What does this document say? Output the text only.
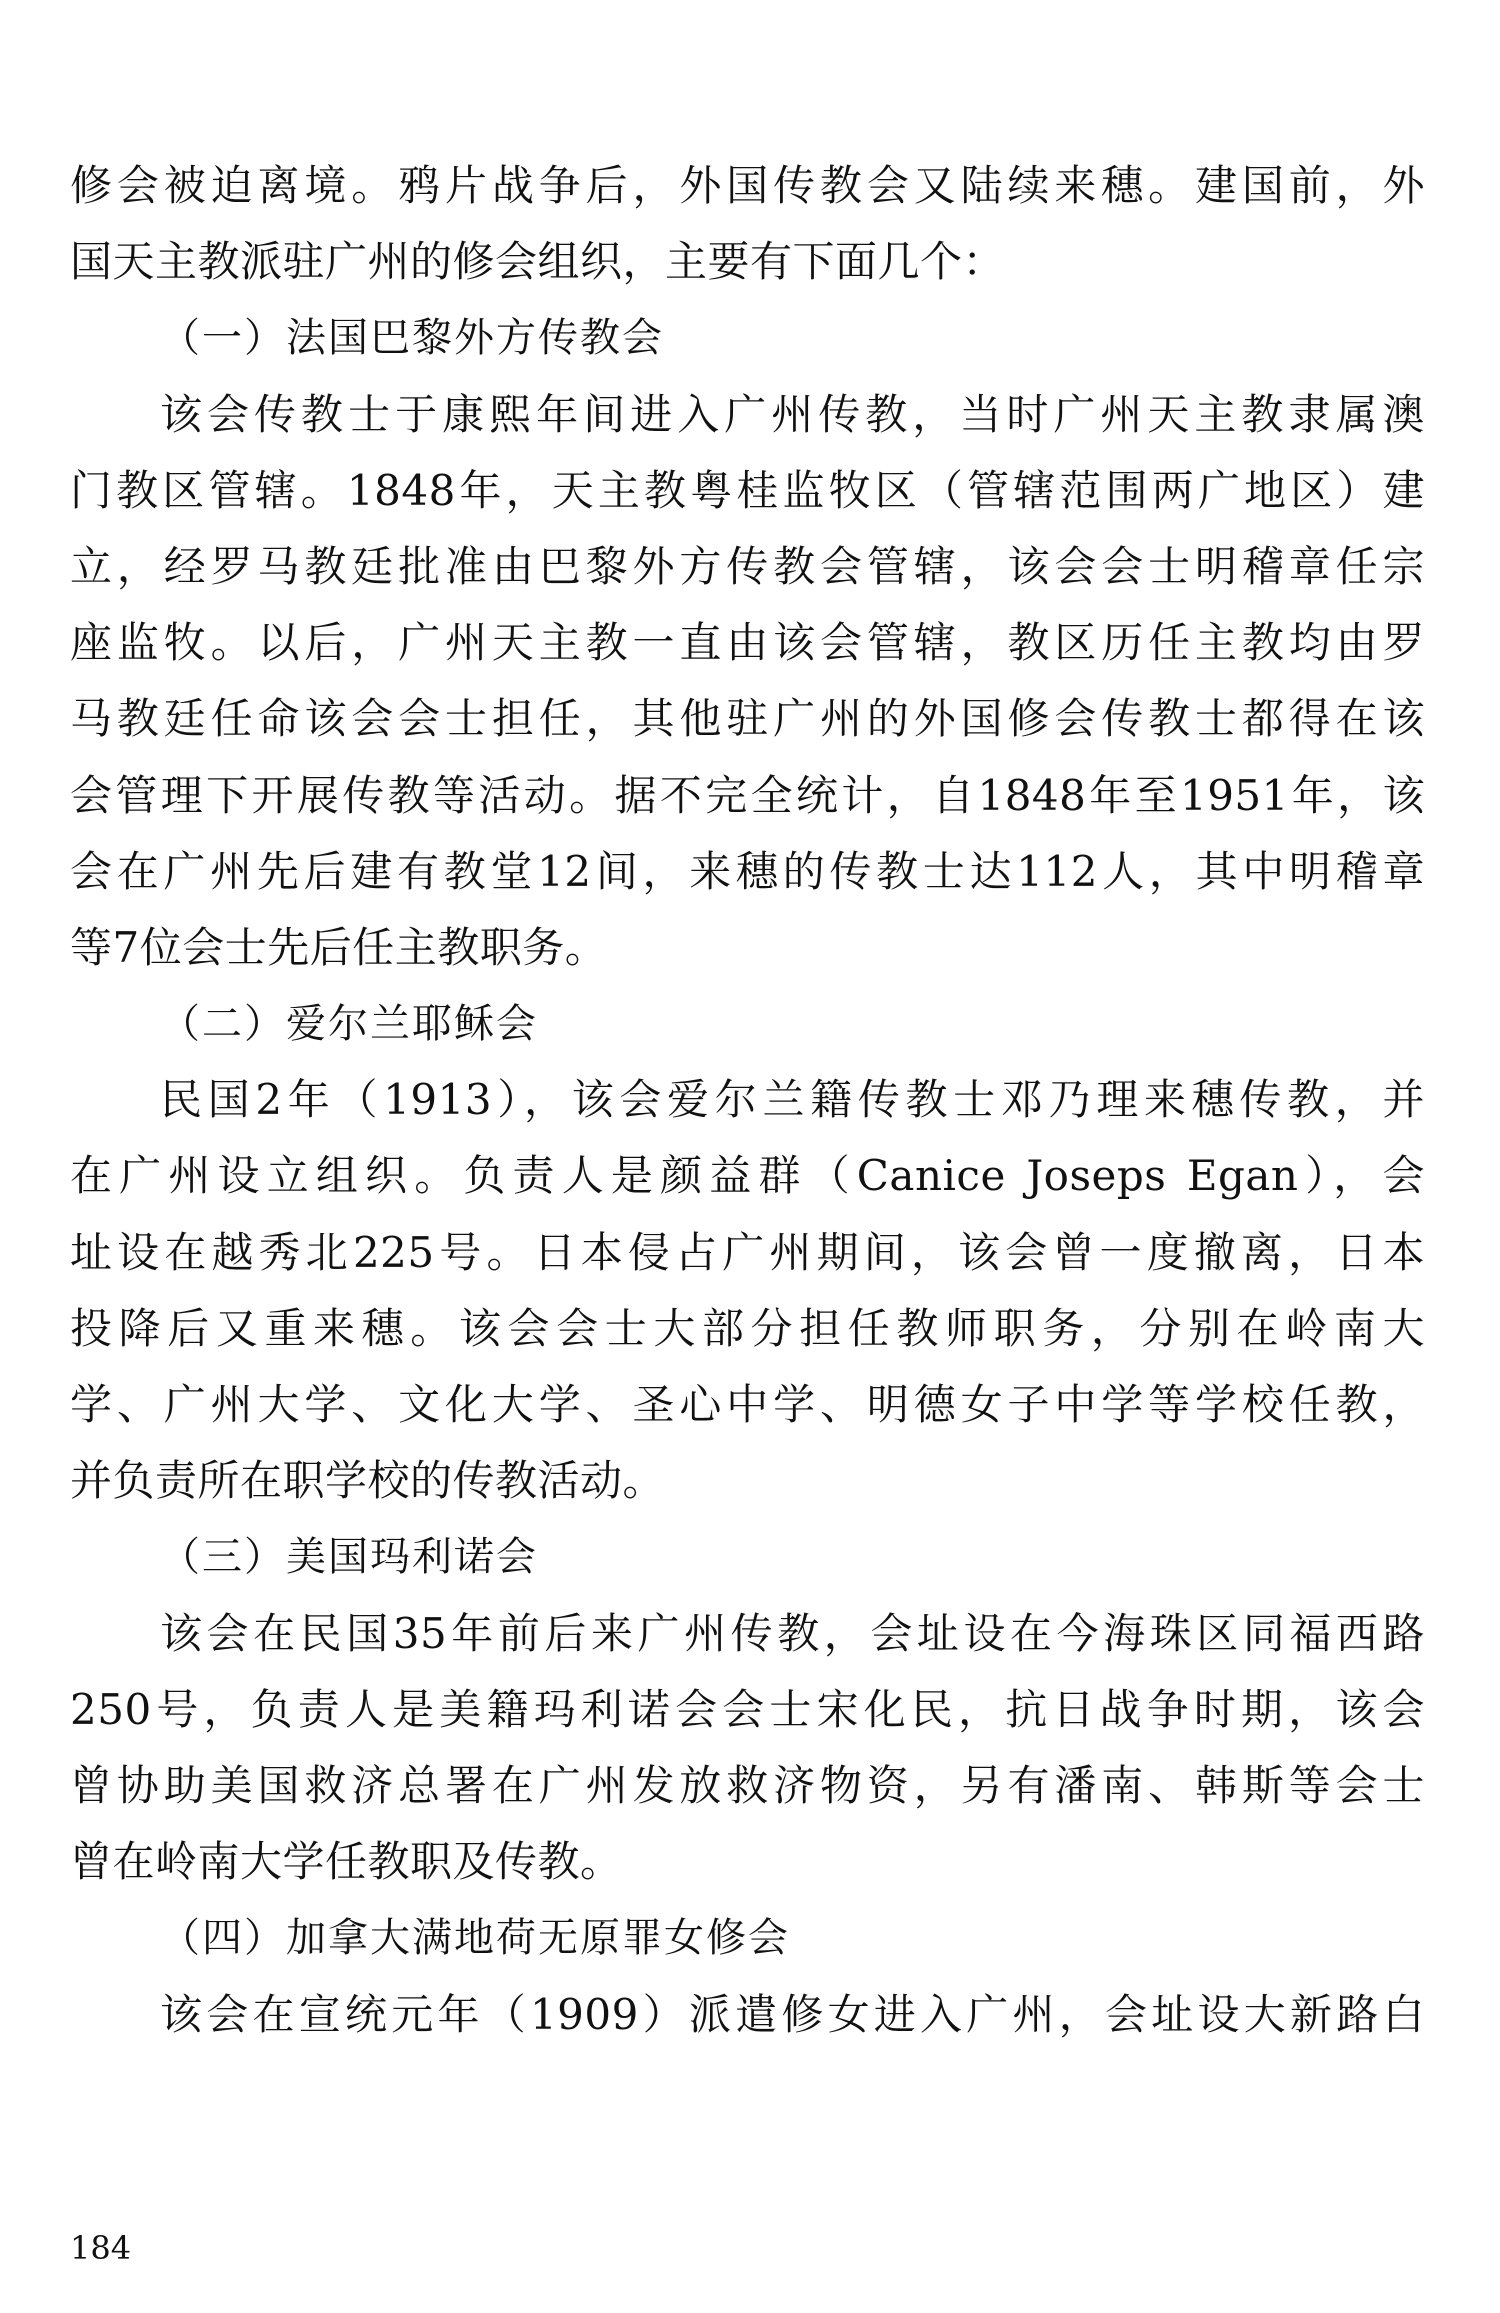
修会被迫离境。鸦片战争后，外国传教会又陆续来穗。建国前，外
国天主教派驻广州的修会组织，主要有下面几个：
（一）法国巴黎外方传教会
该会传教士于康熙年间进入广州传教，当时广州天主教隶属澳
门教区管辖。1848年，天主教粤桂监牧区（管辖范围两广地区）建
立，经罗马教廷批准由巴黎外方传教会管辖，该会会士明稽章任宗
座监牧。以后，广州天主教一直由该会管辖，教区历任主教均由罗
马教廷任命该会会士担任，其他驻广州的外国修会传教士都得在该
会管理下开展传教等活动。据不完全统计，自1848年至1951年，该
会在广州先后建有教堂12间，来穗的传教士达112人，其中明稽章
等7位会士先后任主教职务。
（二）爱尔兰耶稣会
民国2年（1913），该会爱尔兰籍传教士邓乃理来穗传教，并
在广州设立组织。负责人是颜益群（Canice Joseps Egan），会
址设在越秀北225号。日本侵占广州期间，该会曾一度撤离，日本
投降后又重来穗。该会会士大部分担任教师职务，分别在岭南大
学、广州大学、文化大学、圣心中学、明德女子中学等学校任教，
并负责所在职学校的传教活动。
（三）美国玛利诺会
该会在民国35年前后来广州传教，会址设在今海珠区同福西路
250号，负责人是美籍玛利诺会会士宋化民，抗日战争时期，该会
曾协助美国救济总署在广州发放救济物资，另有潘南、韩斯等会士
曾在岭南大学任教职及传教。
（四）加拿大满地荷无原罪女修会
该会在宣统元年（1909）派遣修女进入广州，会址设大新路白
184
